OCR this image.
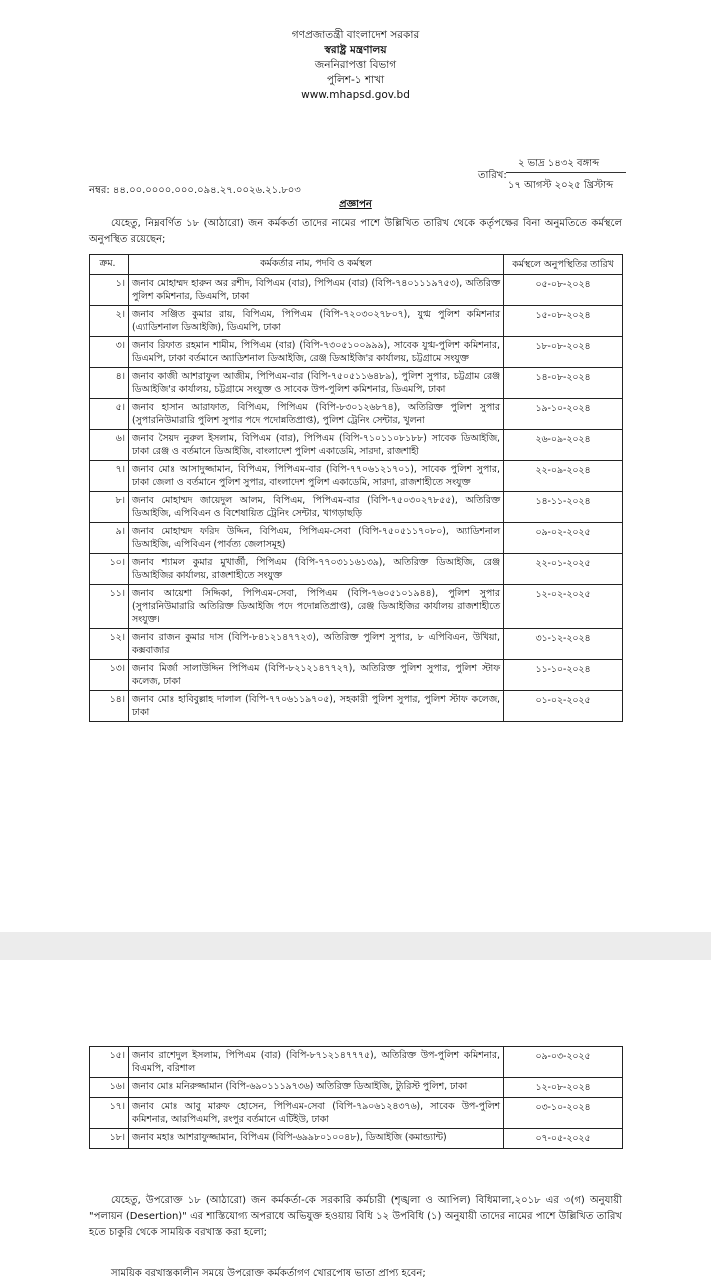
গণপ্রজাতন্ত্রী বাংলাদেশ সরকার
স্বরাষ্ট্র মন্ত্রণালয়
জননিরাপত্তা বিভাগ
পুলিশ-১ শাখা
www.mhapsd.gov.bd
২ ভাদ্র ১৪৩২ বঙ্গাব্দ
তারিখ:
১৭ আগস্ট ২০২৫ খ্রিস্টাব্দ
নম্বর: ৪৪.০০.০০০০.০০০.০৯৪.২৭.০০২৬.২১.৮০৩
প্রজ্ঞাপন
যেহেতু, নিম্নবর্ণিত ১৮ (আঠারো) জন কর্মকর্তা তাদের নামের পাশে উল্লিখিত তারিখ থেকে কর্তৃপক্ষের বিনা অনুমতিতে কর্মস্থলে অনুপস্থিত রয়েছেন;
ক্রম.	কর্মকর্তার নাম, পদবি ও কর্মস্থল	কর্মস্থলে অনুপস্থিতির তারিখ
১।	জনাব মোহাম্মদ হারুন অর রশীদ, বিপিএম (বার), পিপিএম (বার) (বিপি-৭৪০১১১৯৭৫৩), অতিরিক্ত পুলিশ কমিশনার, ডিএমপি, ঢাকা	০৫-০৮-২০২৪
২।	জনাব সঞ্জিত কুমার রায়, বিপিএম, পিপিএম (বিপি-৭২০৩০২৭৮০৭), যুগ্ম পুলিশ কমিশনার (এ্যাডিশনাল ডিআইজি), ডিএমপি, ঢাকা	১৫-০৮-২০২৪
৩।	জনাব রিফাত রহমান শামীম, পিপিএম (বার) (বিপি-৭৩০৫১০০৯৯৯), সাবেক যুগ্ম-পুলিশ কমিশনার, ডিএমপি, ঢাকা বর্তমানে অ্যাডিশনাল ডিআইজি, রেঞ্জ ডিআইজি'র কার্যালয়, চট্টগ্রামে সংযুক্ত	১৮-০৮-২০২৪
৪।	জনাব কাজী আশরাফুল আজীম, পিপিএম-বার (বিপি-৭৫০৫১১৬৪৮৯), পুলিশ সুপার, চট্টগ্রাম রেঞ্জ ডিআইজি'র কার্যালয়, চট্টগ্রামে সংযুক্ত ও সাবেক উপ-পুলিশ কমিশনার, ডিএমপি, ঢাকা	১৪-০৮-২০২৪
৫।	জনাব হাসান আরাফাত, বিপিএম, পিপিএম (বিপি-৮৩০১২৬৮৭৪), অতিরিক্ত পুলিশ সুপার (সুপারনিউমারারি পুলিশ সুপার পদে পদোন্নতিপ্রাপ্ত), পুলিশ ট্রেনিং সেন্টার, খুলনা	১৯-১০-২০২৪
৬।	জনাব সৈয়দ নুরুল ইসলাম, বিপিএম (বার), পিপিএম (বিপি-৭১০১১০৮১৮৮) সাবেক ডিআইজি, ঢাকা রেঞ্জ ও বর্তমানে ডিআইজি, বাংলাদেশ পুলিশ একাডেমি, সারদা, রাজশাহী	২৬-০৯-২০২৪
৭।	জনাব মোঃ আসাদুজ্জামান, বিপিএম, পিপিএম-বার (বিপি-৭৭০৬১২১৭০১), সাবেক পুলিশ সুপার, ঢাকা জেলা ও বর্তমানে পুলিশ সুপার, বাংলাদেশ পুলিশ একাডেমি, সারদা, রাজশাহীতে সংযুক্ত	২২-০৯-২০২৪
৮।	জনাব মোহাম্মদ জায়েদুল আলম, বিপিএম, পিপিএম-বার (বিপি-৭৫০৩০২৭৮৫৫), অতিরিক্ত ডিআইজি, এপিবিএন ও বিশেষায়িত ট্রেনিং সেন্টার, খাগড়াছড়ি	১৪-১১-২০২৪
৯।	জনাব মোহাম্মদ ফরিদ উদ্দিন, বিপিএম, পিপিএম-সেবা (বিপি-৭৫০৫১১৭০৮০), অ্যাডিশনাল ডিআইজি, এপিবিএন (পার্বত্য জেলাসমূহ)	০৯-০২-২০২৫
১০।	জনাব শ্যামল কুমার মুখার্জী, পিপিএম (বিপি-৭৭০৩১১৬১৩৯), অতিরিক্ত ডিআইজি, রেঞ্জ ডিআইজির কার্যালয়, রাজশাহীতে সংযুক্ত	২২-০১-২০২৫
১১।	জনাব আয়েশা সিদ্দিকা, পিপিএম-সেবা, পিপিএম (বিপি-৭৬০৫১০১৯৪৪), পুলিশ সুপার (সুপারনিউমারারি অতিরিক্ত ডিআইজি পদে পদোন্নতিপ্রাপ্ত), রেঞ্জ ডিআইজির কার্যালয় রাজশাহীতে সংযুক্ত।	১২-০২-২০২৫
১২।	জনাব রাজন কুমার দাস (বিপি-৮৪১২১৪৭৭২৩), অতিরিক্ত পুলিশ সুপার, ৮ এপিবিএন, উখিয়া, কক্সবাজার	৩১-১২-২০২৪
১৩।	জনাব মির্জা সালাউদ্দিন পিপিএম (বিপি-৮২১২১৪৭৭২৭), অতিরিক্ত পুলিশ সুপার, পুলিশ স্টাফ কলেজ, ঢাকা	১১-১০-২০২৪
১৪।	জনাব মোঃ হাবিবুল্লাহ দালাল (বিপি-৭৭০৬১১৯৭০৫), সহকারী পুলিশ সুপার, পুলিশ স্টাফ কলেজ, ঢাকা	০১-০২-২০২৫
১৫।	জনাব রাশেদুল ইসলাম, পিপিএম (বার) (বিপি-৮৭১২১৪৭৭৭৫), অতিরিক্ত উপ-পুলিশ কমিশনার, বিএমপি, বরিশাল	০৯-০৩-২০২৫
১৬।	জনাব মোঃ মনিরুজ্জামান (বিপি-৬৯০১১১৯৭৩৬) অতিরিক্ত ডিআইজি, ট্যুরিস্ট পুলিশ, ঢাকা	১২-০৮-২০২৪
১৭।	জনাব মোঃ আবু মারুফ হোসেন, পিপিএম-সেবা (বিপি-৭৯০৬১২৪৩৭৬), সাবেক উপ-পুলিশ কমিশনার, আরপিএমপি, রংপুর বর্তমানে এটিইউ, ঢাকা	০৩-১০-২০২৪
১৮।	জনাব মহাঃ আশরাফুজ্জামান, বিপিএম (বিপি-৬৯৯৮০১০০৪৮), ডিআইজি (কমান্ড্যান্ট)	০৭-০৫-২০২৫
যেহেতু, উপরোক্ত ১৮ (আঠারো) জন কর্মকর্তা-কে সরকারি কর্মচারী (শৃঙ্খলা ও আপিল) বিধিমালা,২০১৮ এর ৩(গ) অনুযায়ী "পলায়ন (Desertion)" এর শাস্তিযোগ্য অপরাধে অভিযুক্ত হওয়ায় বিধি ১২ উপবিধি (১) অনুযায়ী তাদের নামের পাশে উল্লিখিত তারিখ হতে চাকুরি থেকে সাময়িক বরখাস্ত করা হলো;
সাময়িক বরখাস্তকালীন সময়ে উপরোক্ত কর্মকর্তাগণ খোরপোষ ভাতা প্রাপ্য হবেন;
